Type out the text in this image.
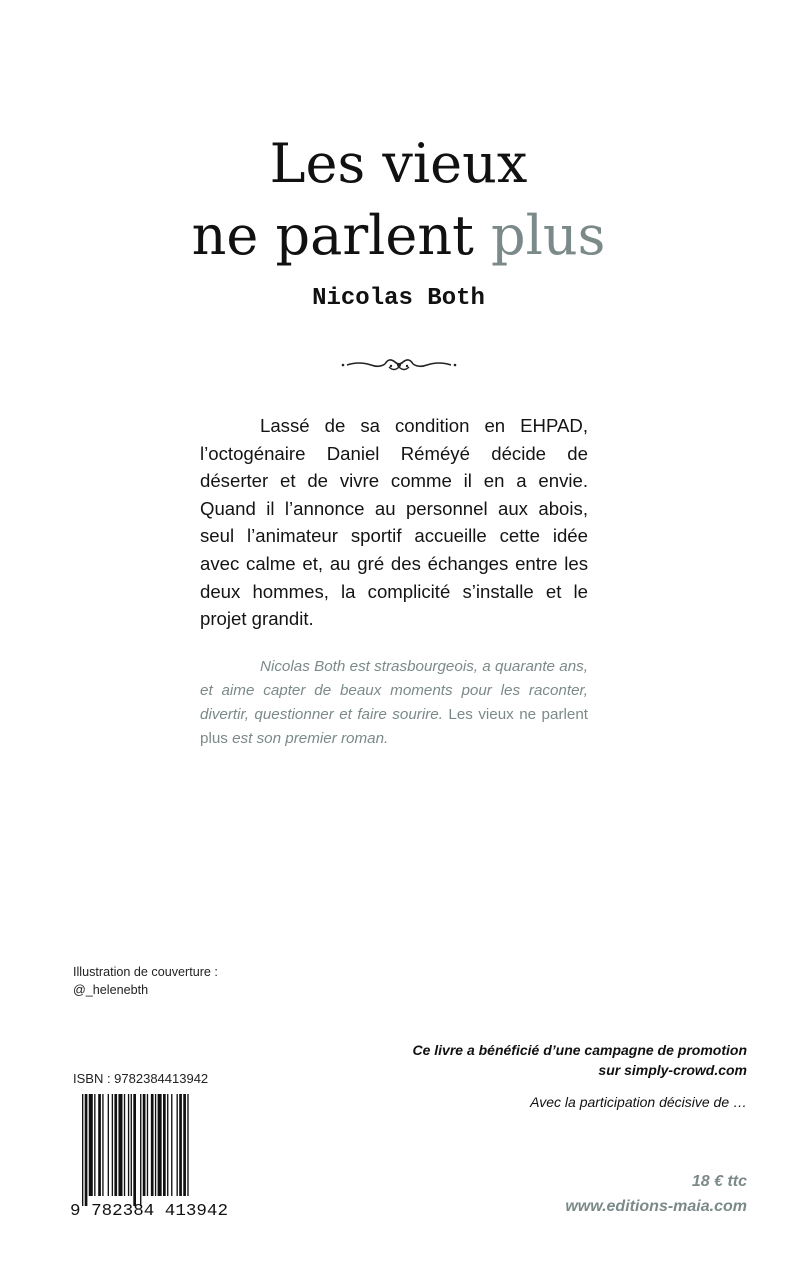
Les vieux
ne parlent plus
Nicolas Both

Lassé de sa condition en EHPAD, l’octogénaire Daniel Réméyé décide de déserter et de vivre comme il en a envie. Quand il l’annonce au personnel aux abois, seul l’animateur sportif accueille cette idée avec calme et, au gré des échanges entre les deux hommes, la complicité s’installe et le projet grandit.

Nicolas Both est strasbourgeois, a quarante ans, et aime capter de beaux moments pour les raconter, divertir, questionner et faire sourire. Les vieux ne parlent plus est son premier roman.

Illustration de couverture :
@_helenebth
ISBN : 9782384413942
9 782384 413942
Ce livre a bénéficié d’une campagne de promotion
sur simply-crowd.com
Avec la participation décisive de …
18 € ttc
www.editions-maia.com
